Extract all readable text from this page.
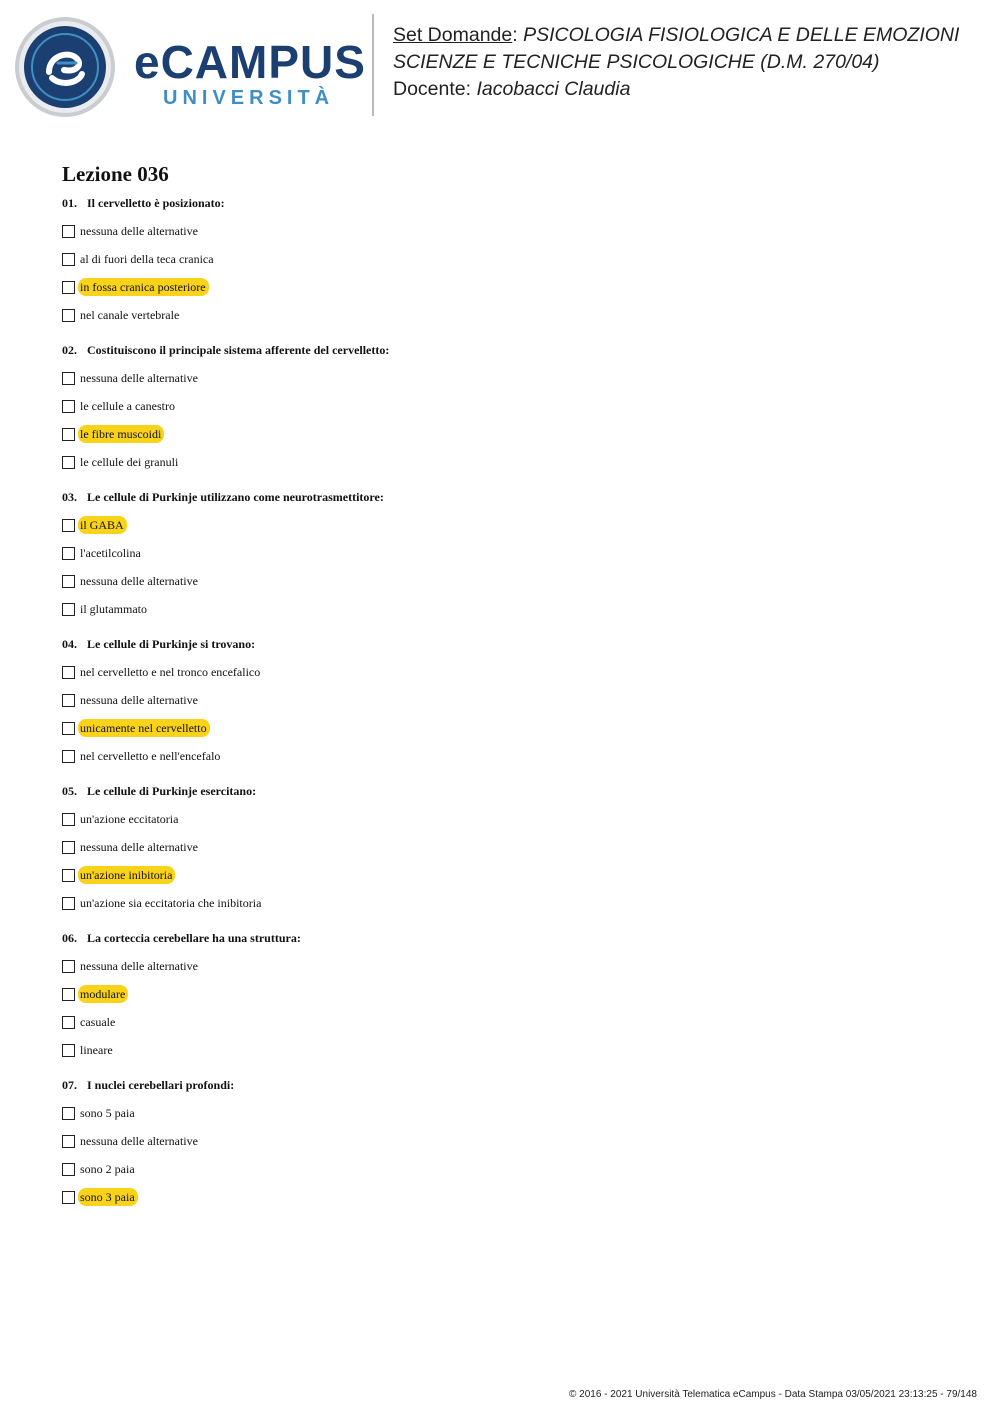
eCAMPUS
UNIVERSITÀ
Set Domande: PSICOLOGIA FISIOLOGICA E DELLE EMOZIONI
SCIENZE E TECNICHE PSICOLOGICHE (D.M. 270/04)
Docente: Iacobacci Claudia
Lezione 036
01. Il cervelletto è posizionato:
nessuna delle alternative
al di fuori della teca cranica
in fossa cranica posteriore
nel canale vertebrale
02. Costituiscono il principale sistema afferente del cervelletto:
nessuna delle alternative
le cellule a canestro
le fibre muscoidi
le cellule dei granuli
03. Le cellule di Purkinje utilizzano come neurotrasmettitore:
il GABA
l'acetilcolina
nessuna delle alternative
il glutammato
04. Le cellule di Purkinje si trovano:
nel cervelletto e nel tronco encefalico
nessuna delle alternative
unicamente nel cervelletto
nel cervelletto e nell'encefalo
05. Le cellule di Purkinje esercitano:
un'azione eccitatoria
nessuna delle alternative
un'azione inibitoria
un'azione sia eccitatoria che inibitoria
06. La corteccia cerebellare ha una struttura:
nessuna delle alternative
modulare
casuale
lineare
07. I nuclei cerebellari profondi:
sono 5 paia
nessuna delle alternative
sono 2 paia
sono 3 paia
© 2016 - 2021 Università Telematica eCampus - Data Stampa 03/05/2021 23:13:25 - 79/148
